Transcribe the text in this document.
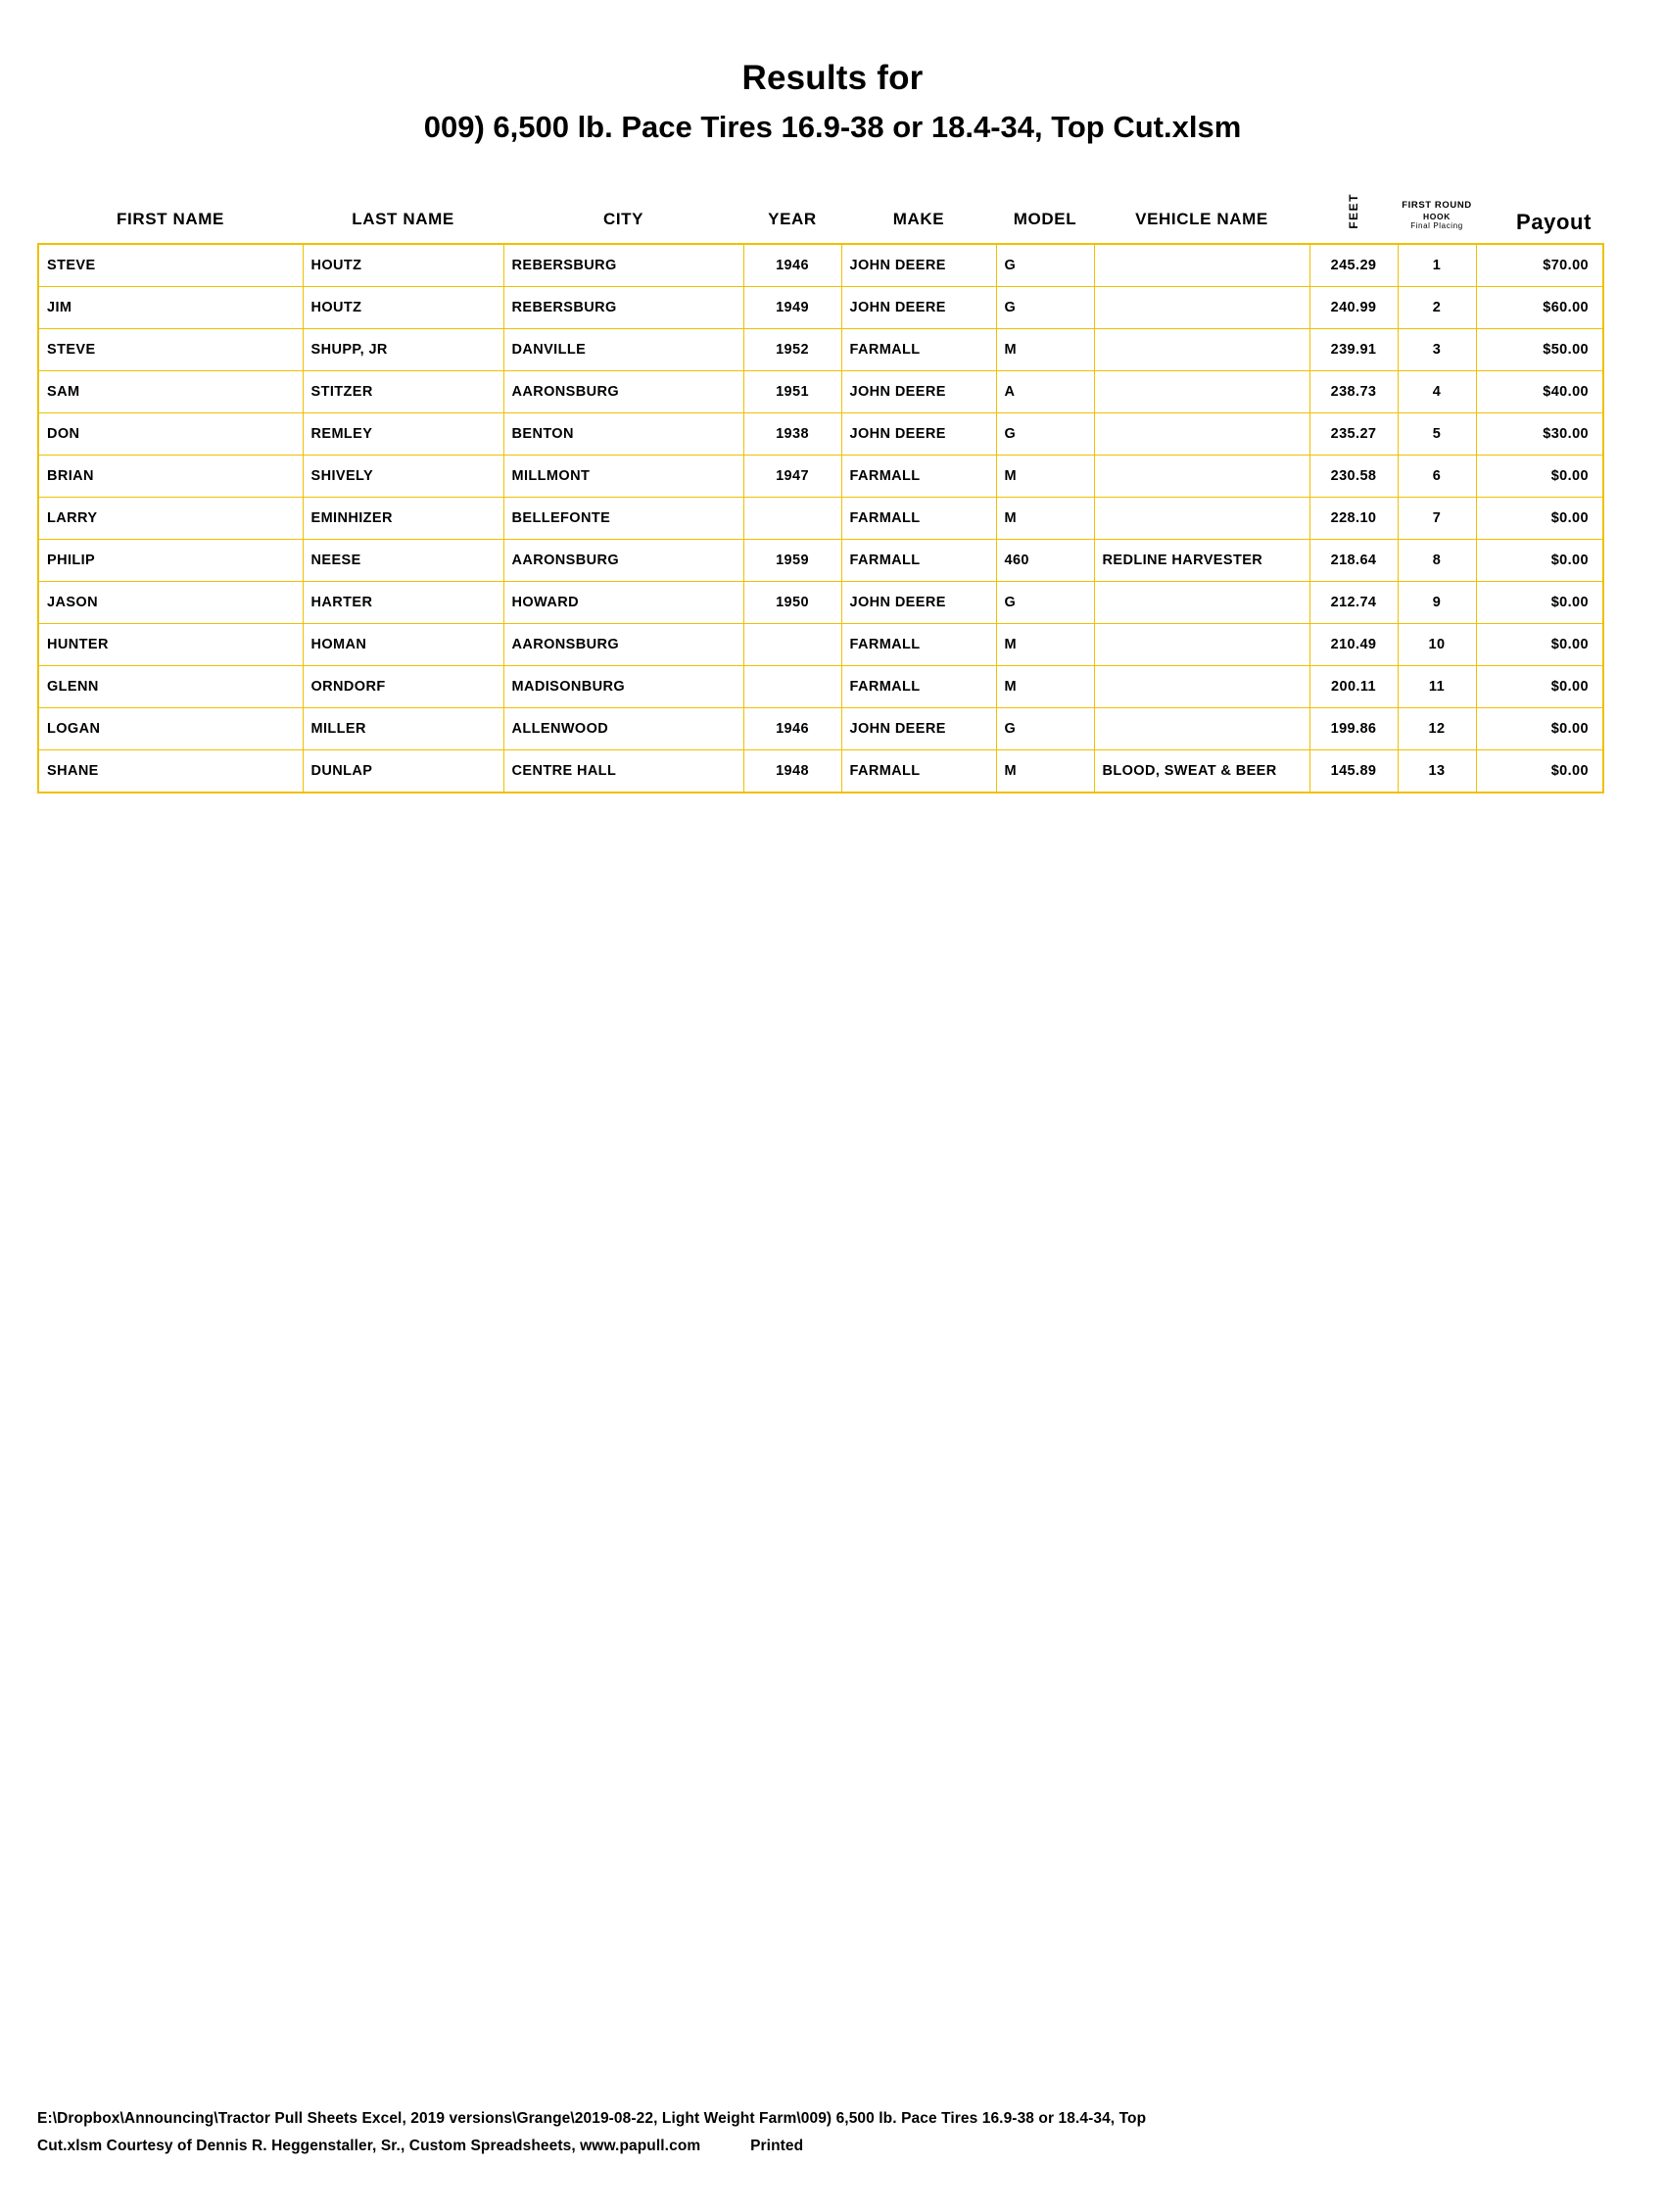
Results for
009) 6,500 lb. Pace Tires 16.9-38 or 18.4-34, Top Cut.xlsm
FIRST NAME	LAST NAME	CITY	YEAR	MAKE	MODEL	VEHICLE NAME	FEET	FIRST ROUND
HOOK
Final Placing	Payout
STEVE	HOUTZ	REBERSBURG	1946	JOHN DEERE	G		245.29	1	$70.00
JIM	HOUTZ	REBERSBURG	1949	JOHN DEERE	G		240.99	2	$60.00
STEVE	SHUPP, JR	DANVILLE	1952	FARMALL	M		239.91	3	$50.00
SAM	STITZER	AARONSBURG	1951	JOHN DEERE	A		238.73	4	$40.00
DON	REMLEY	BENTON	1938	JOHN DEERE	G		235.27	5	$30.00
BRIAN	SHIVELY	MILLMONT	1947	FARMALL	M		230.58	6	$0.00
LARRY	EMINHIZER	BELLEFONTE		FARMALL	M		228.10	7	$0.00
PHILIP	NEESE	AARONSBURG	1959	FARMALL	460	REDLINE HARVESTER	218.64	8	$0.00
JASON	HARTER	HOWARD	1950	JOHN DEERE	G		212.74	9	$0.00
HUNTER	HOMAN	AARONSBURG		FARMALL	M		210.49	10	$0.00
GLENN	ORNDORF	MADISONBURG		FARMALL	M		200.11	11	$0.00
LOGAN	MILLER	ALLENWOOD	1946	JOHN DEERE	G		199.86	12	$0.00
SHANE	DUNLAP	CENTRE HALL	1948	FARMALL	M	BLOOD, SWEAT & BEER	145.89	13	$0.00
E:\Dropbox\Announcing\Tractor Pull Sheets Excel, 2019 versions\Grange\2019-08-22, Light Weight Farm\009) 6,500 lb. Pace Tires 16.9-38 or 18.4-34, Top
Cut.xlsm Courtesy of Dennis R. Heggenstaller, Sr., Custom Spreadsheets, www.papull.com	Printed
